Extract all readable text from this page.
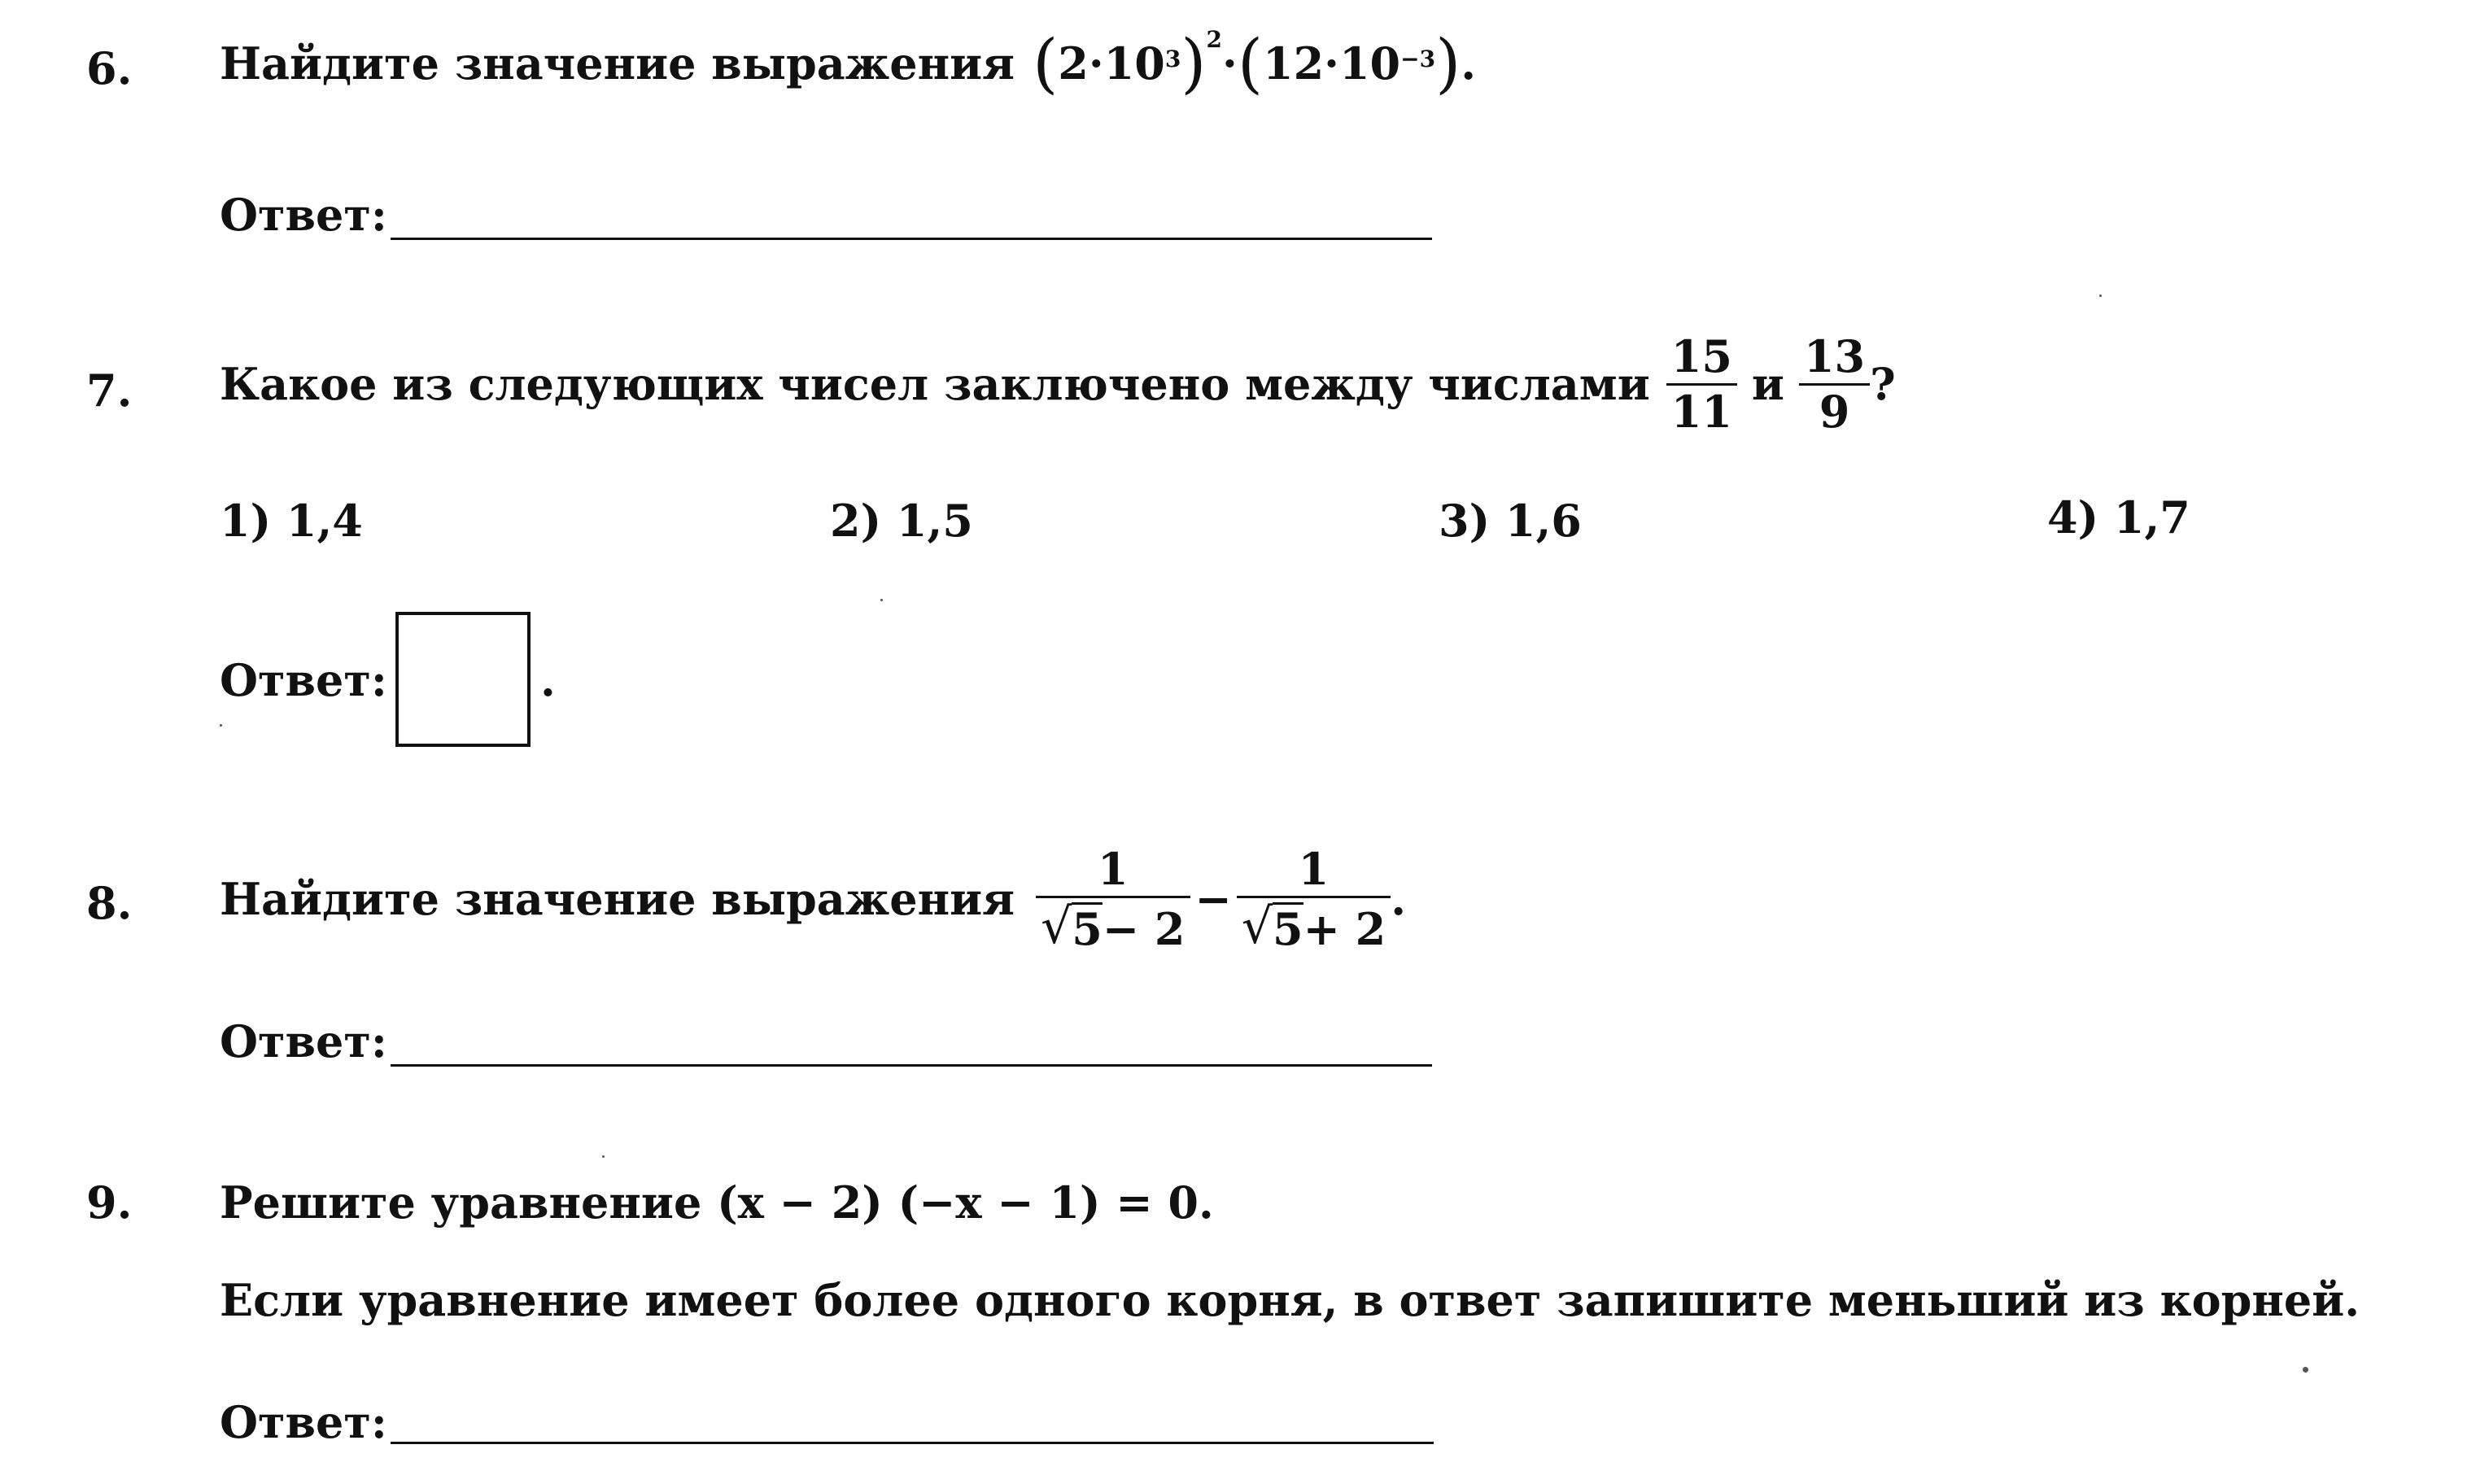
6. Найдите значение выражения ( $2\cdot 10^3$ )$^2$ · ( $12\cdot 10^{-3}$ ) .
Ответ:
7. Какое из следующих чисел заключено между числами $\frac{15}{11}$ и $\frac{13}{9}$ ?
1) 1,4	2) 1,5	3) 1,6	4) 1,7
Ответ:	.
8. Найдите значение выражения $\frac{1}{√ 5 - 2} - \frac{1}{√ 5 + 2}$ .
Ответ:
9. Решите уравнение (x − 2) (−x − 1) = 0.
Если уравнение имеет более одного корня, в ответ запишите меньший из корней.
Ответ:
